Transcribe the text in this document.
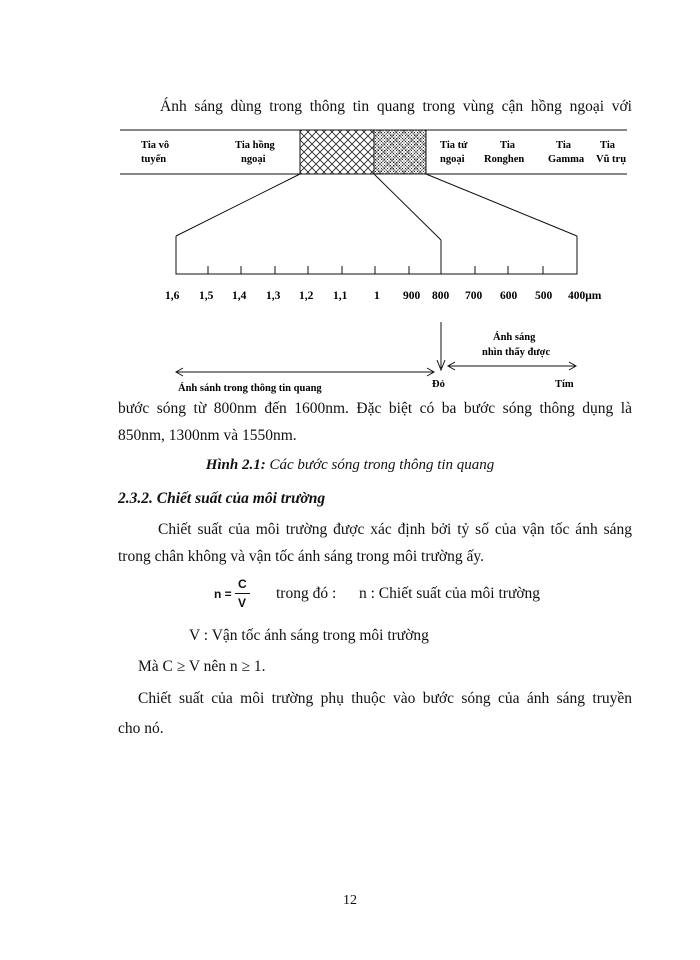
Ánh sáng dùng trong thông tin quang trong vùng cận hồng ngoại với
Tia vô
tuyến
Tia hồng
ngoại
Tia tử
ngoại
Tia
Ronghen
Tia
Gamma
Tia
Vũ trụ
1,6 1,5 1,4 1,3 1,2 1,1 1 900 800 700 600 500 400μm
Ánh sáng
nhìn thấy được
Ánh sánh trong thông tin quang	Đỏ	Tím
bước sóng từ 800nm đến 1600nm. Đặc biệt có ba bước sóng thông dụng là
850nm, 1300nm và 1550nm.
Hình 2.1: Các bước sóng trong thông tin quang
2.3.2. Chiết suất của môi trường
Chiết suất của môi trường được xác định bởi tỷ số của vận tốc ánh sáng
trong chân không và vận tốc ánh sáng trong môi trường ấy.
n =
C
V
trong đó : n : Chiết suất của môi trường
V : Vận tốc ánh sáng trong môi trường
Mà C ≥ V nên n ≥ 1.
Chiết suất của môi trường phụ thuộc vào bước sóng của ánh sáng truyền
cho nó.
12
